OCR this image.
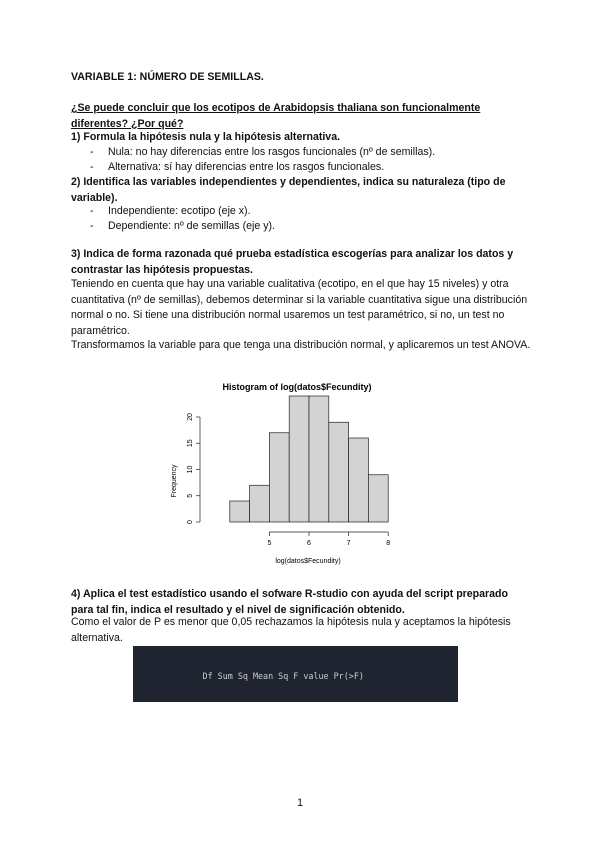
VARIABLE 1: NÚMERO DE SEMILLAS.

¿Se puede concluir que los ecotipos de Arabidopsis thaliana son funcionalmente diferentes? ¿Por qué?

1) Formula la hipótesis nula y la hipótesis alternativa.

- Nula: no hay diferencias entre los rasgos funcionales (nº de semillas).
- Alternativa: sí hay diferencias entre los rasgos funcionales.

2) Identifica las variables independientes y dependientes, indica su naturaleza (tipo de variable).

- Independiente: ecotipo (eje x).
- Dependiente: nº de semillas (eje y).

3) Indica de forma razonada qué prueba estadística escogerías para analizar los datos y contrastar las hipótesis propuestas.

Teniendo en cuenta que hay una variable cualitativa (ecotipo, en el que hay 15 niveles) y otra cuantitativa (nº de semillas), debemos determinar si la variable cuantitativa sigue una distribución normal o no. Si tiene una distribución normal usaremos un test paramétrico, si no, un test no paramétrico.

Transformamos la variable para que tenga una distribución normal, y aplicaremos un test ANOVA.

Histogram of log(datos$Fecundity)
Frequency
log(datos$Fecundity)
0
5
10
15
20
5	6	7	8

4) Aplica el test estadístico usando el sofware R-studio con ayuda del script preparado para tal fin, indica el resultado y el nivel de significación obtenido.

Como el valor de P es menor que 0,05 rechazamos la hipótesis nula y aceptamos la hipótesis alternativa.

Df Sum Sq Mean Sq F value Pr(>F)

1
